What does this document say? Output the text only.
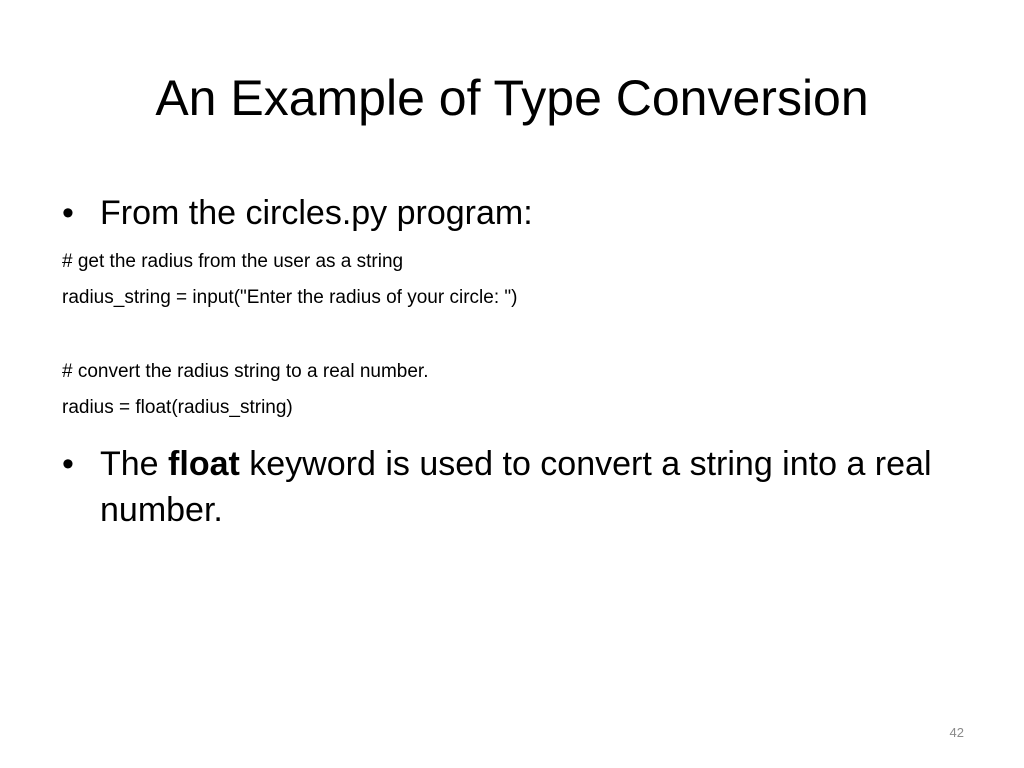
An Example of Type Conversion
• From the circles.py program:
# get the radius from the user as a string
radius_string = input("Enter the radius of your circle: ")
# convert the radius string to a real number.
radius = float(radius_string)
• The float keyword is used to convert a string into a real number.
42
